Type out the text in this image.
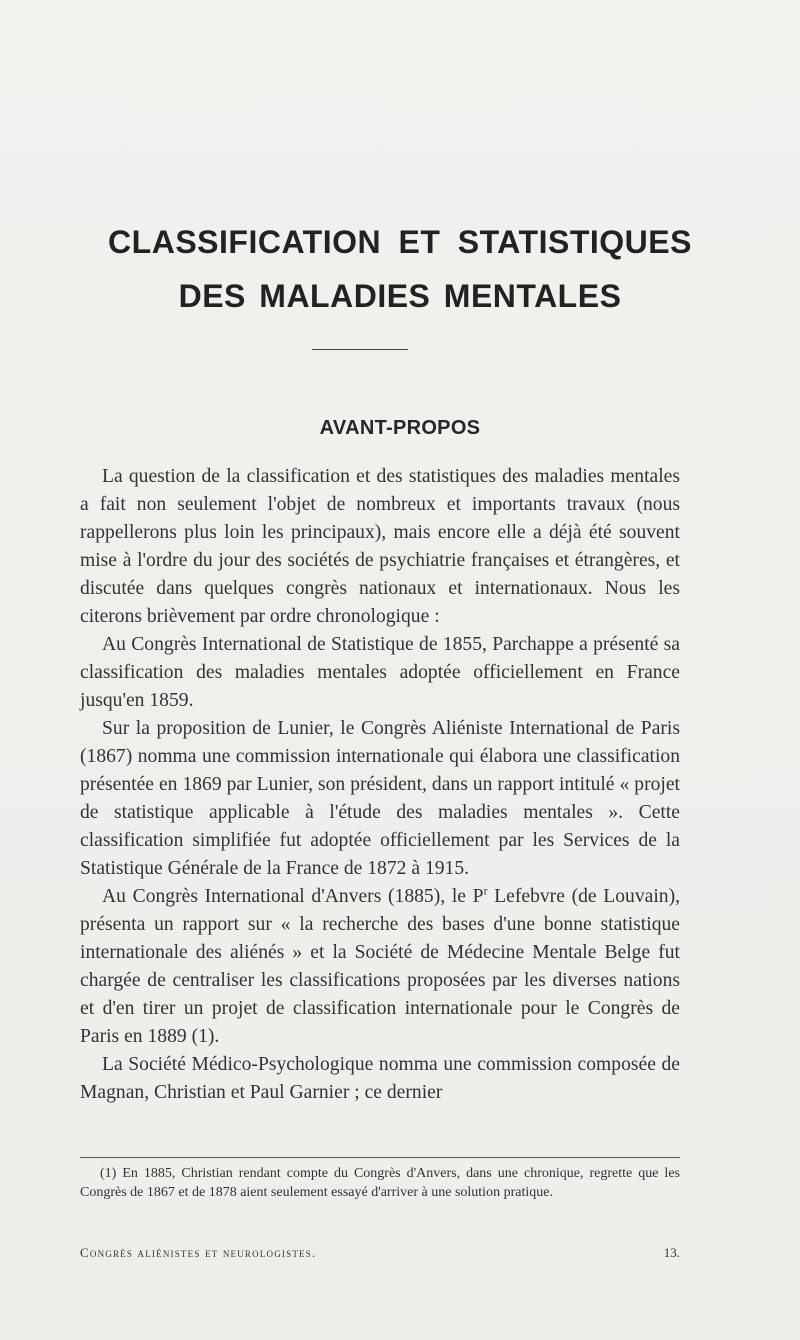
CLASSIFICATION ET STATISTIQUES
DES MALADIES MENTALES
AVANT-PROPOS

La question de la classification et des statistiques des maladies mentales a fait non seulement l'objet de nombreux et importants travaux (nous rappellerons plus loin les principaux), mais encore elle a déjà été souvent mise à l'ordre du jour des sociétés de psychiatrie françaises et étrangères, et discutée dans quelques congrès nationaux et internationaux. Nous les citerons brièvement par ordre chronologique :

Au Congrès International de Statistique de 1855, Parchappe a présenté sa classification des maladies mentales adoptée officiellement en France jusqu'en 1859.

Sur la proposition de Lunier, le Congrès Aliéniste International de Paris (1867) nomma une commission internationale qui élabora une classification présentée en 1869 par Lunier, son président, dans un rapport intitulé « projet de statistique applicable à l'étude des maladies mentales ». Cette classification simplifiée fut adoptée officiellement par les Services de la Statistique Générale de la France de 1872 à 1915.

Au Congrès International d'Anvers (1885), le $P^r$ Lefebvre (de Louvain), présenta un rapport sur « la recherche des bases d'une bonne statistique internationale des aliénés » et la Société de Médecine Mentale Belge fut chargée de centraliser les classifications proposées par les diverses nations et d'en tirer un projet de classification internationale pour le Congrès de Paris en 1889 (1).

La Société Médico-Psychologique nomma une commission composée de Magnan, Christian et Paul Garnier ; ce dernier

(1) En 1885, Christian rendant compte du Congrès d'Anvers, dans une chronique, regrette que les Congrès de 1867 et de 1878 aient seulement essayé d'arriver à une solution pratique.

Congrès aliénistes et neurologistes.	13.
